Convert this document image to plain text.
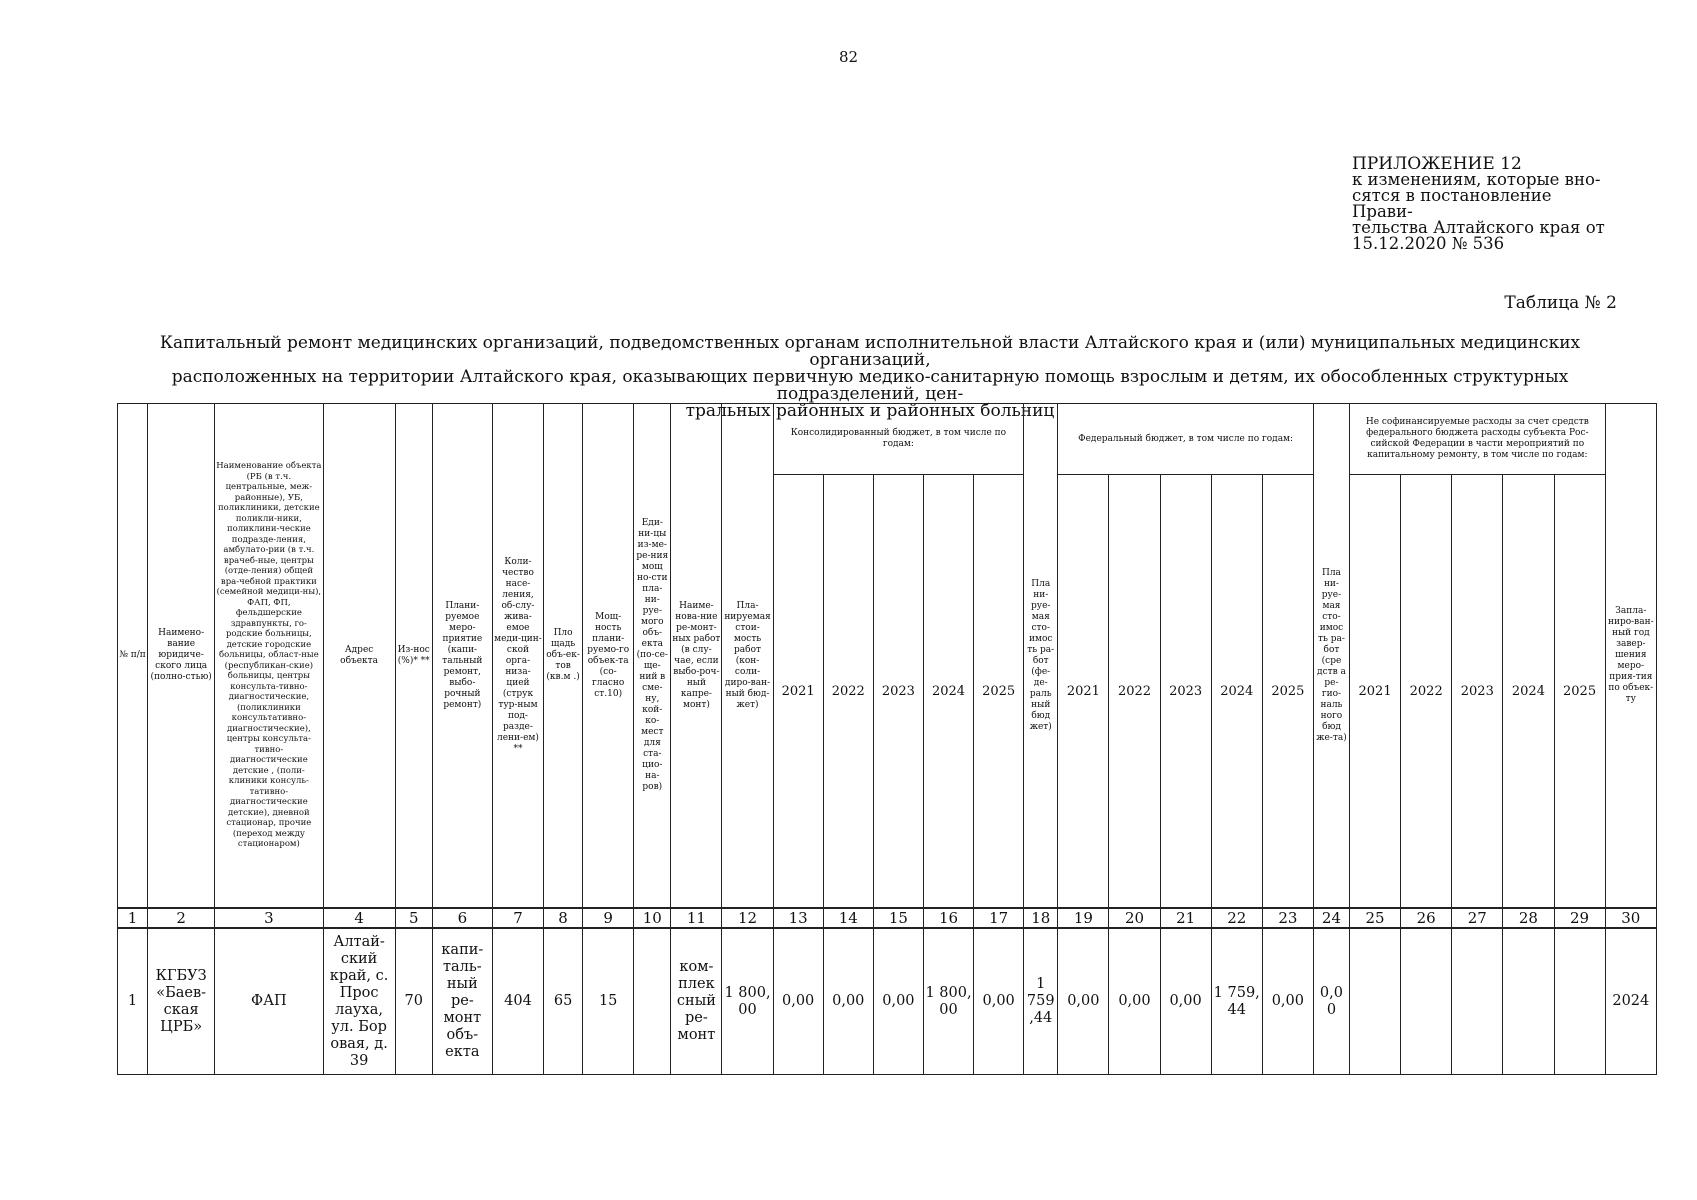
82
ПРИЛОЖЕНИЕ 12
к изменениям, которые вно-
сятся в постановление Прави-
тельства Алтайского края от
15.12.2020 № 536
Таблица № 2
Капитальный ремонт медицинских организаций, подведомственных органам исполнительной власти Алтайского края и (или) муниципальных медицинских организаций,
расположенных на территории Алтайского края, оказывающих первичную медико-санитарную помощь взрослым и детям, их обособленных структурных подразделений, цен-
тральных районных и районных больниц
№ п/п	Наимено-вание юридиче-ского лица (полно-стью)	Наименование объекта (РБ (в т.ч. центральные, меж-районные), УБ, поликлиники, детские поликли-ники, поликлини-ческие подразде-ления, амбулато-рии (в т.ч. врачеб-ные, центры (отде-ления) общей вра-чебной практики (семейной медици-ны), ФАП, ФП, фельдшерские здравпункты, го-родские больницы, детские городские больницы, област-ные (республикан-ские) больницы, центры консульта-тивно-диагностические, (поликлиники консультативно-диагностические), центры консульта-тивно-диагностические детские , (поли-клиники консуль-тативно-диагностические детские), дневной стационар, прочие (переход между стационаром)	Адрес объекта	Из-нос (%)* **	Плани-руемое меро-приятие (капи-тальный ремонт, выбо-рочный ремонт)	Коли-чество насе-ления, об-слу-жива-емое меди-цин-ской орга-низа-цией (струк тур-ным под-разде-лени-ем) **	Пло щадь объ-ек-тов (кв.м .)	Мощ-ность плани-руемо-го объек-та (со-гласно ст.10)	Еди-ни-цы из-ме-ре-ния мощ но-сти пла-ни-руе-мого объ-екта (по-се-ще-ний в сме-ну, кой-ко-мест для ста-цио-на-ров)	Наиме-нова-ние ре-монт-ных работ (в слу-чае, если выбо-роч-ный капре-монт)	Пла-нируемая стои-мость работ (кон-соли-диро-ван-ный бюд-жет)	Консолидированный бюджет, в том числе по годам:					Пла ни-руе-мая сто-имос ть ра-бот (фе-де-раль ный бюд жет)	Федеральный бюджет, в том числе по годам:					Пла ни-руе-мая сто-имос ть ра-бот (сре дств а ре-гио-наль ного бюд же-та)	Не софинансируемые расходы за счет средств федерального бюджета расходы субъекта Рос-сийской Федерации в части мероприятий по капитальному ремонту, в том числе по годам:					Запла-ниро-ван-ный год завер-шения меро-прия-тия по объек-ту
												2021	2022	2023	2024	2025		2021	2022	2023	2024	2025		2021	2022	2023	2024	2025	
1	2	3	4	5	6	7	8	9	10	11	12	13	14	15	16	17	18	19	20	21	22	23	24	25	26	27	28	29	30
1	КГБУЗ «Баев-ская ЦРБ»	ФАП	Алтай-ский край, с. Прос лауха, ул. Бор овая, д. 39	70	капи-таль-ный ре-монт объ-екта	404	65	15		ком-плек сный ре-монт	1 800, 00	0,00	0,00	0,00	1 800, 00	0,00	1 759 ,44	0,00	0,00	0,00	1 759, 44	0,00	0,0 0						2024
